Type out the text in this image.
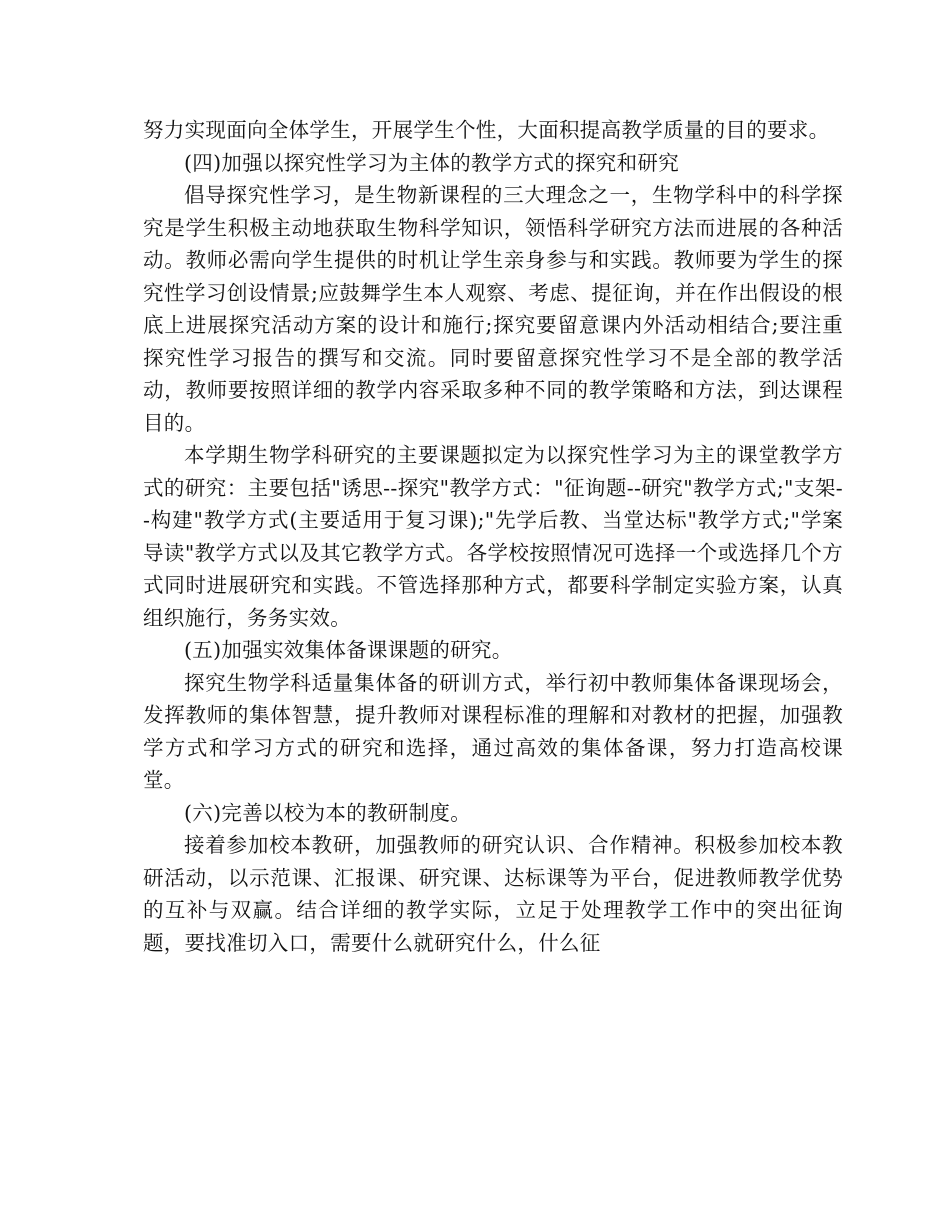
努力实现面向全体学生，开展学生个性，大面积提高教学质量的目的要求。

(四)加强以探究性学习为主体的教学方式的探究和研究

倡导探究性学习，是生物新课程的三大理念之一，生物学科中的科学探究是学生积极主动地获取生物科学知识，领悟科学研究方法而进展的各种活动。教师必需向学生提供的时机让学生亲身参与和实践。教师要为学生的探究性学习创设情景;应鼓舞学生本人观察、考虑、提征询，并在作出假设的根底上进展探究活动方案的设计和施行;探究要留意课内外活动相结合;要注重探究性学习报告的撰写和交流。同时要留意探究性学习不是全部的教学活动，教师要按照详细的教学内容采取多种不同的教学策略和方法，到达课程目的。

本学期生物学科研究的主要课题拟定为以探究性学习为主的课堂教学方式的研究：主要包括"诱思--探究"教学方式："征询题--研究"教学方式;"支架--构建"教学方式(主要适用于复习课);"先学后教、当堂达标"教学方式;"学案导读"教学方式以及其它教学方式。各学校按照情况可选择一个或选择几个方式同时进展研究和实践。不管选择那种方式，都要科学制定实验方案，认真组织施行，务务实效。

(五)加强实效集体备课课题的研究。

探究生物学科适量集体备的研训方式，举行初中教师集体备课现场会，发挥教师的集体智慧，提升教师对课程标准的理解和对教材的把握，加强教学方式和学习方式的研究和选择，通过高效的集体备课，努力打造高校课堂。

(六)完善以校为本的教研制度。

接着参加校本教研，加强教师的研究认识、合作精神。积极参加校本教研活动，以示范课、汇报课、研究课、达标课等为平台，促进教师教学优势的互补与双赢。结合详细的教学实际，立足于处理教学工作中的突出征询题，要找准切入口，需要什么就研究什么，什么征
